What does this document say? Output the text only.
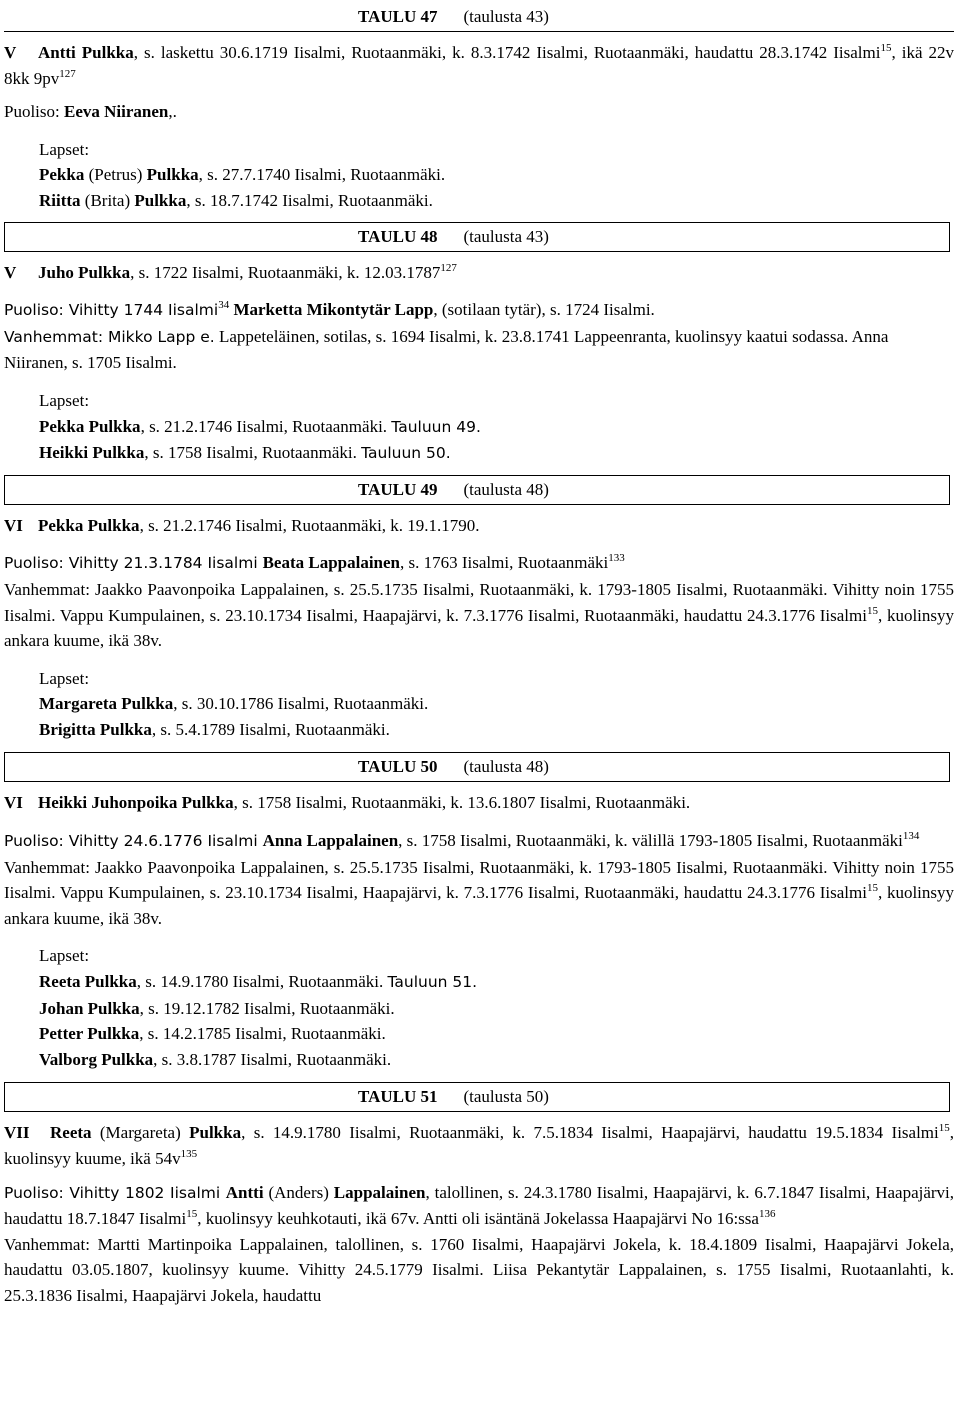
TAULU 47 (taulusta 43)

V Antti Pulkka, s. laskettu 30.6.1719 Iisalmi, Ruotaanmäki, k. 8.3.1742 Iisalmi, Ruotaanmäki, haudattu 28.3.1742 Iisalmi$^{15}$, ikä 22v 8kk $9pv^{127}$

Puoliso: Eeva Niiranen,.

Lapset:

Pekka (Petrus) Pulkka, s. 27.7.1740 Iisalmi, Ruotaanmäki.

Riitta (Brita) Pulkka, s. 18.7.1742 Iisalmi, Ruotaanmäki.

TAULU 48 (taulusta 43)

V Juho Pulkka, s. 1722 Iisalmi, Ruotaanmäki, k. 12.03.1787$^{127}$

Puoliso: Vihitty 1744 Iisalmi$^{34}$ Marketta Mikontytär Lapp, (sotilaan tytär), s. 1724 Iisalmi.

Vanhemmat: Mikko Lapp e. Lappeteläinen, sotilas, s. 1694 Iisalmi, k. 23.8.1741 Lappeenranta, kuolinsyy kaatui sodassa. Anna Niiranen, s. 1705 Iisalmi.

Lapset:

Pekka Pulkka, s. 21.2.1746 Iisalmi, Ruotaanmäki. Tauluun 49.

Heikki Pulkka, s. 1758 Iisalmi, Ruotaanmäki. Tauluun 50.

TAULU 49 (taulusta 48)

VI Pekka Pulkka, s. 21.2.1746 Iisalmi, Ruotaanmäki, k. 19.1.1790.

Puoliso: Vihitty 21.3.1784 Iisalmi Beata Lappalainen, s. 1763 Iisalmi, Ruotaanmäki$^{133}$

Vanhemmat: Jaakko Paavonpoika Lappalainen, s. 25.5.1735 Iisalmi, Ruotaanmäki, k. 1793-1805 Iisalmi, Ruotaanmäki. Vihitty noin 1755 Iisalmi. Vappu Kumpulainen, s. 23.10.1734 Iisalmi, Haapajärvi, k. 7.3.1776 Iisalmi, Ruotaanmäki, haudattu 24.3.1776 Iisalmi$^{15}$, kuolinsyy ankara kuume, ikä 38v.

Lapset:

Margareta Pulkka, s. 30.10.1786 Iisalmi, Ruotaanmäki.

Brigitta Pulkka, s. 5.4.1789 Iisalmi, Ruotaanmäki.

TAULU 50 (taulusta 48)

VI Heikki Juhonpoika Pulkka, s. 1758 Iisalmi, Ruotaanmäki, k. 13.6.1807 Iisalmi, Ruotaanmäki.

Puoliso: Vihitty 24.6.1776 Iisalmi Anna Lappalainen, s. 1758 Iisalmi, Ruotaanmäki, k. välillä 1793-1805 Iisalmi, Ruotaanmäki$^{134}$

Vanhemmat: Jaakko Paavonpoika Lappalainen, s. 25.5.1735 Iisalmi, Ruotaanmäki, k. 1793-1805 Iisalmi, Ruotaanmäki. Vihitty noin 1755 Iisalmi. Vappu Kumpulainen, s. 23.10.1734 Iisalmi, Haapajärvi, k. 7.3.1776 Iisalmi, Ruotaanmäki, haudattu 24.3.1776 Iisalmi$^{15}$, kuolinsyy ankara kuume, ikä 38v.

Lapset:

Reeta Pulkka, s. 14.9.1780 Iisalmi, Ruotaanmäki. Tauluun 51.

Johan Pulkka, s. 19.12.1782 Iisalmi, Ruotaanmäki.

Petter Pulkka, s. 14.2.1785 Iisalmi, Ruotaanmäki.

Valborg Pulkka, s. 3.8.1787 Iisalmi, Ruotaanmäki.

TAULU 51 (taulusta 50)

VII Reeta (Margareta) Pulkka, s. 14.9.1780 Iisalmi, Ruotaanmäki, k. 7.5.1834 Iisalmi, Haapajärvi, haudattu 19.5.1834 Iisalmi$^{15}$, kuolinsyy kuume, ikä $54v^{135}$

Puoliso: Vihitty 1802 Iisalmi Antti (Anders) Lappalainen, talollinen, s. 24.3.1780 Iisalmi, Haapajärvi, k. 6.7.1847 Iisalmi, Haapajärvi, haudattu 18.7.1847 Iisalmi$^{15}$, kuolinsyy keuhkotauti, ikä 67v. Antti oli isäntänä Jokelassa Haapajärvi No 16:ssa$^{136}$

Vanhemmat: Martti Martinpoika Lappalainen, talollinen, s. 1760 Iisalmi, Haapajärvi Jokela, k. 18.4.1809 Iisalmi, Haapajärvi Jokela, haudattu 03.05.1807, kuolinsyy kuume. Vihitty 24.5.1779 Iisalmi. Liisa Pekantytär Lappalainen, s. 1755 Iisalmi, Ruotaanlahti, k. 25.3.1836 Iisalmi, Haapajärvi Jokela, haudattu
